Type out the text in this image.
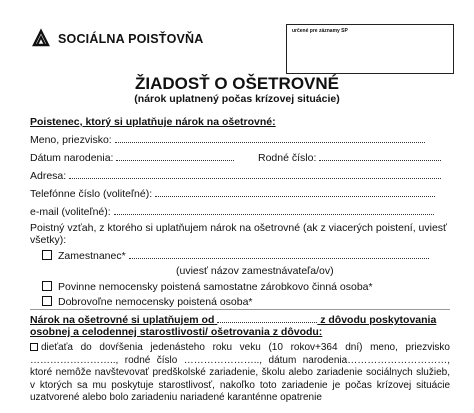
SOCIÁLNA POISŤOVŇA
určené pre záznamy SP
ŽIADOSŤ O OŠETROVNÉ
(nárok uplatnený počas krízovej situácie)
Poistenec, ktorý si uplatňuje nárok na ošetrovné:
Meno, priezvisko:
Dátum narodenia:	Rodné číslo:
Adresa:
Telefónne číslo (voliteľné):
e-mail (voliteľné):
Poistný vzťah, z ktorého si uplatňujem nárok na ošetrovné (ak z viacerých poistení, uviesť
všetky):
Zamestnanec*
(uviesť názov zamestnávateľa/ov)
Povinne nemocensky poistená samostatne zárobkovo činná osoba*
Dobrovoľne nemocensky poistená osoba*
Nárok na ošetrovné si uplatňujem od	z dôvodu poskytovania
osobnej a celodennej starostlivosti/ ošetrovania z dôvodu:
dieťaťa do dovŕšenia jedenásteho roku veku (10 rokov+364 dní) meno, priezvisko …………………….., rodné číslo ………………….., dátum narodenia…………………………, ktoré nemôže navštevovať predškolské zariadenie, školu alebo zariadenie sociálnych služieb, v ktorých sa mu poskytuje starostlivosť, nakoľko toto zariadenie je počas krízovej situácie uzatvorené alebo bolo zariadeniu nariadené karanténne opatrenie
